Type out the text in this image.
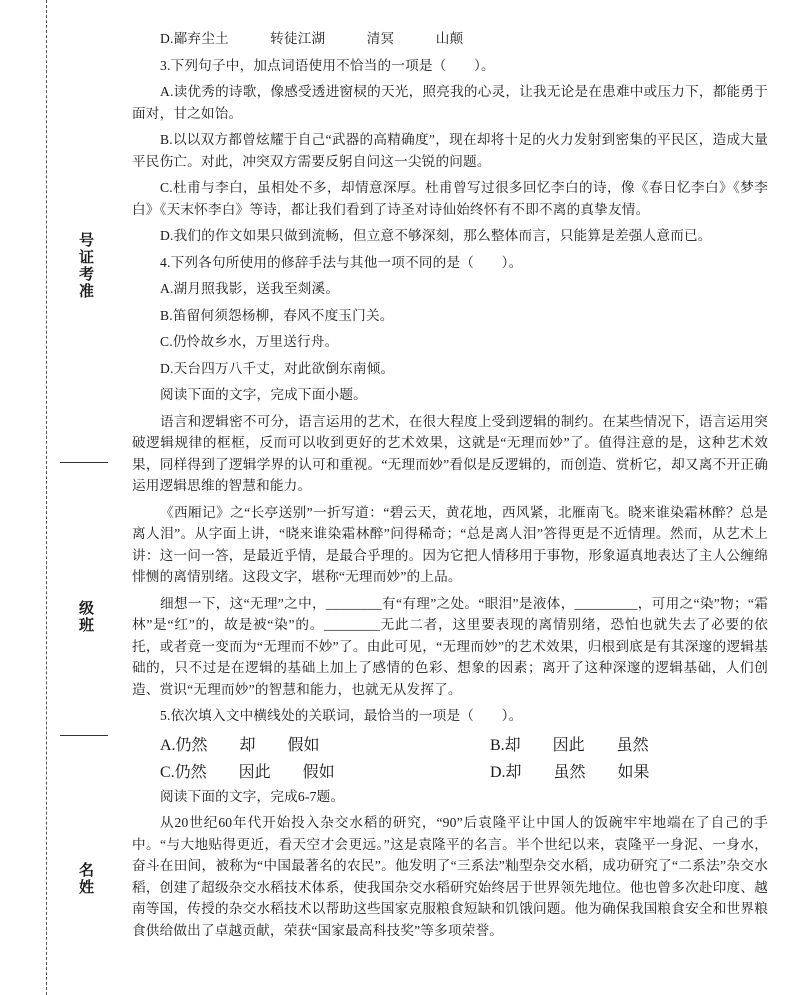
号证考准
级班
名姓

D.鄙弃尘土　　　转徒江湖　　　清冥　　　山颠

3.下列句子中，加点词语使用不恰当的一项是（　　）。

A.读优秀的诗歌，像感受透进窗棂的天光，照亮我的心灵，让我无论是在患难中或压力下，都能勇于面对，甘之如饴。

B.以以双方都曾炫耀于自己“武器的高精确度”，现在却将十足的火力发射到密集的平民区，造成大量平民伤亡。对此，冲突双方需要反躬自问这一尖锐的问题。

C.杜甫与李白，虽相处不多，却情意深厚。杜甫曾写过很多回忆李白的诗，像《春日忆李白》《梦李白》《天末怀李白》等诗，都让我们看到了诗圣对诗仙始终怀有不即不离的真挚友情。

D.我们的作文如果只做到流畅，但立意不够深刻，那么整体而言，只能算是差强人意而已。

4.下列各句所使用的修辞手法与其他一项不同的是（　　）。

A.湖月照我影，送我至剡溪。

B.笛留何须怨杨柳，春风不度玉门关。

C.仍怜故乡水，万里送行舟。

D.天台四万八千丈，对此欲倒东南倾。

阅读下面的文字，完成下面小题。

语言和逻辑密不可分，语言运用的艺术，在很大程度上受到逻辑的制约。在某些情况下，语言运用突破逻辑规律的框框，反而可以收到更好的艺术效果，这就是“无理而妙”了。值得注意的是，这种艺术效果，同样得到了逻辑学界的认可和重视。“无理而妙”看似是反逻辑的，而创造、赏析它，却又离不开正确运用逻辑思维的智慧和能力。

《西厢记》之“长亭送别”一折写道：“碧云天，黄花地，西风紧，北雁南飞。晓来谁染霜林醉？总是离人泪”。从字面上讲，“晓来谁染霜林醉”问得稀奇；“总是离人泪”答得更是不近情理。然而，从艺术上讲：这一问一答，是最近乎情，是最合乎理的。因为它把人情移用于事物，形象逼真地表达了主人公缠绵悱恻的离情别绪。这段文字，堪称“无理而妙”的上品。

细想一下，这“无理”之中，________有“有理”之处。“眼泪”是液体，_________，可用之“染”物；“霜林”是“红”的，故是被“染”的。________无此二者，这里要表现的离情别绪，恐怕也就失去了必要的依托，或者竟一变而为“无理而不妙”了。由此可见，“无理而妙”的艺术效果，归根到底是有其深邃的逻辑基础的，只不过是在逻辑的基础上加上了感情的色彩、想象的因素；离开了这种深邃的逻辑基础，人们创造、赏识“无理而妙”的智慧和能力，也就无从发挥了。

5.依次填入文中横线处的关联词，最恰当的一项是（　　）。

A.仍然　　却　　假如	B.却　　因此　　虽然
C.仍然　　因此　　假如	D.却　　虽然　　如果

阅读下面的文字，完成6-7题。

从20世纪60年代开始投入杂交水稻的研究，“90”后袁隆平让中国人的饭碗牢牢地端在了自己的手中。“与大地贴得更近，看天空才会更远。”这是袁隆平的名言。半个世纪以来，袁隆平一身泥、一身水，奋斗在田间，被称为“中国最著名的农民”。他发明了“三系法”籼型杂交水稻，成功研究了“二系法”杂交水稻，创建了超级杂交水稻技术体系，使我国杂交水稻研究始终居于世界领先地位。他也曾多次赴印度、越南等国，传授的杂交水稻技术以帮助这些国家克服粮食短缺和饥饿问题。他为确保我国粮食安全和世界粮食供给做出了卓越贡献，荣获“国家最高科技奖”等多项荣誉。
